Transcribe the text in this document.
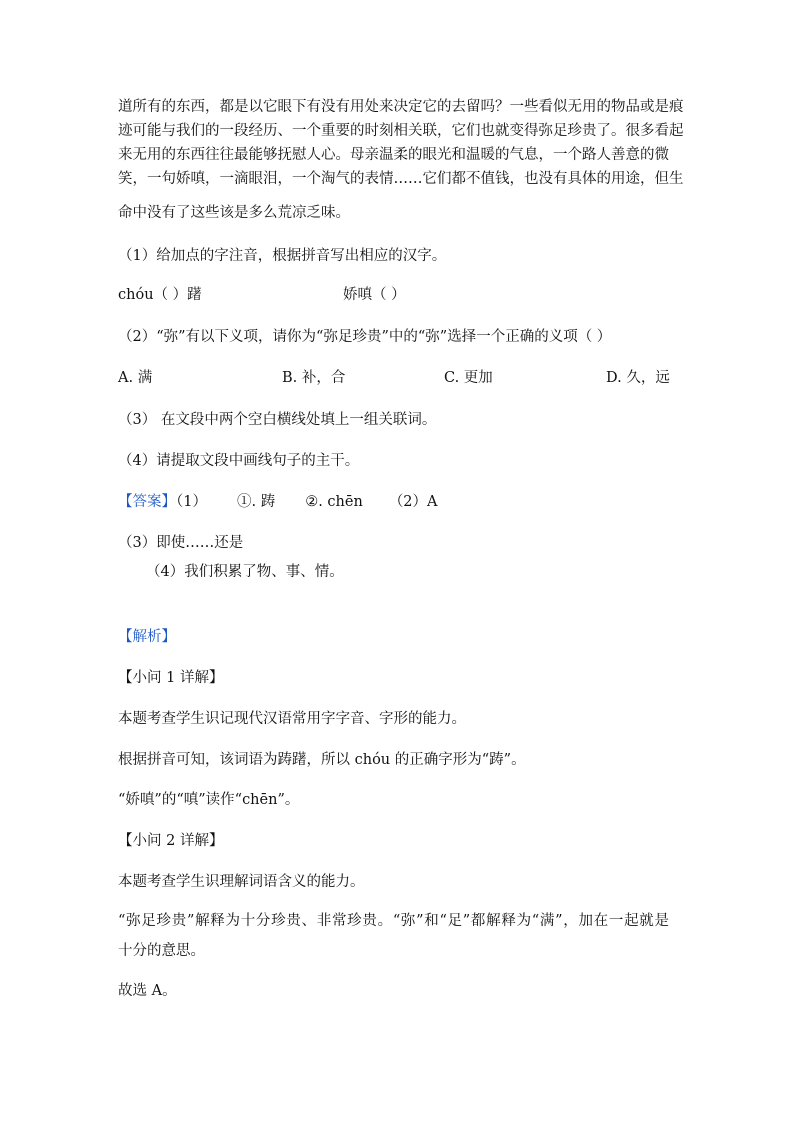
道所有的东西，都是以它眼下有没有用处来决定它的去留吗？一些看似无用的物品或是痕
迹可能与我们的一段经历、一个重要的时刻相关联，它们也就变得弥足珍贵了。很多看起
来无用的东西往往最能够抚慰人心。母亲温柔的眼光和温暖的气息，一个路人善意的微
笑，一句娇嗔，一滴眼泪，一个淘气的表情……它们都不值钱，也没有具体的用途，但生
命中没有了这些该是多么荒凉乏味。
（1）给加点的字注音，根据拼音写出相应的汉字。
chóu（ ）躇	娇嗔（ ）
（2）“弥”有以下义项，请你为“弥足珍贵”中的“弥”选择一个正确的义项（ ）
A. 满	B. 补，合	C. 更加	D. 久，远
（3） 在文段中两个空白横线处填上一组关联词。
（4）请提取文段中画线句子的主干。
【答案】（1） ①. 踌 ②. chēn （2）A
（3）即使……还是
（4）我们积累了物、事、情。
【解析】
【小问 1 详解】
本题考查学生识记现代汉语常用字字音、字形的能力。
根据拼音可知，该词语为踌躇，所以 chóu 的正确字形为“踌”。
“娇嗔”的“嗔”读作“chēn”。
【小问 2 详解】
本题考查学生识理解词语含义的能力。
“弥足珍贵”解释为十分珍贵、非常珍贵。“弥”和“足”都解释为“满”，加在一起就是
十分的意思。
故选 A。
